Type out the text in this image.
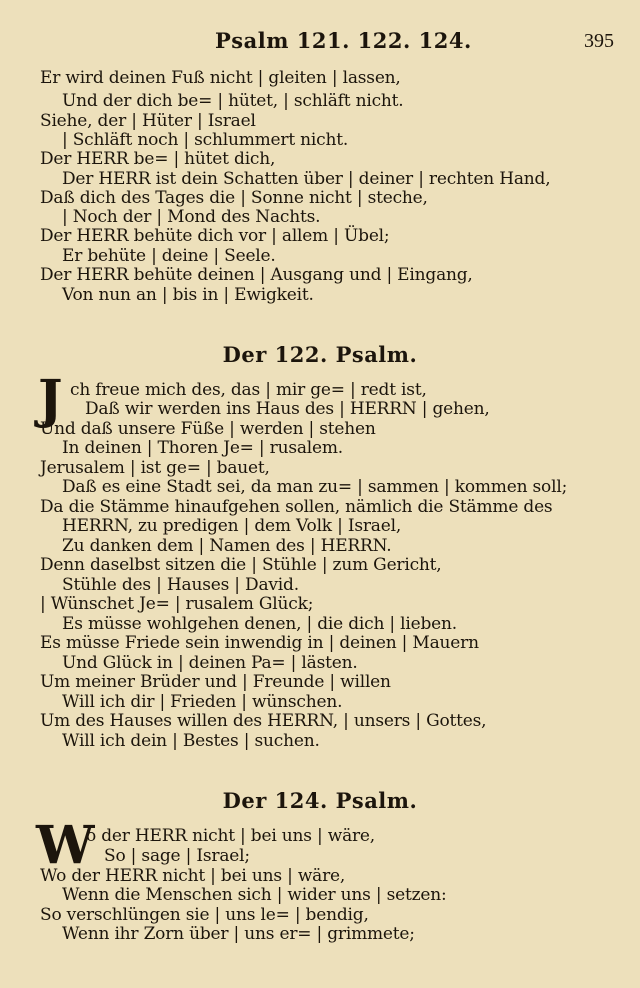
Psalm 121. 122. 124.	395
Er wird deinen Fuß nicht | gleiten | lassen,
Und der dich be= | hütet, | schläft nicht.
Siehe, der | Hüter | Israel
| Schläft noch | schlummert nicht.
Der HERR be= | hütet dich,
Der HERR ist dein Schatten über | deiner | rechten Hand,
Daß dich des Tages die | Sonne nicht | steche,
| Noch der | Mond des Nachts.
Der HERR behüte dich vor | allem | Übel;
Er behüte | deine | Seele.
Der HERR behüte deinen | Ausgang und | Eingang,
Von nun an | bis in | Ewigkeit.
Der 122. Psalm.
J ch freue mich des, das | mir ge= | redt ist,
Daß wir werden ins Haus des | HERRN | gehen,
Und daß unsere Füße | werden | stehen
In deinen | Thoren Je= | rusalem.
Jerusalem | ist ge= | bauet,
Daß es eine Stadt sei, da man zu= | sammen | kommen soll;
Da die Stämme hinaufgehen sollen, nämlich die Stämme des
HERRN, zu predigen | dem Volk | Israel,
Zu danken dem | Namen des | HERRN.
Denn daselbst sitzen die | Stühle | zum Gericht,
Stühle des | Hauses | David.
| Wünschet Je= | rusalem Glück;
Es müsse wohlgehen denen, | die dich | lieben.
Es müsse Friede sein inwendig in | deinen | Mauern
Und Glück in | deinen Pa= | lästen.
Um meiner Brüder und | Freunde | willen
Will ich dir | Frieden | wünschen.
Um des Hauses willen des HERRN, | unsers | Gottes,
Will ich dein | Bestes | suchen.
Der 124. Psalm.
W
o der HERR nicht | bei uns | wäre,
So | sage | Israel;
Wo der HERR nicht | bei uns | wäre,
Wenn die Menschen sich | wider uns | setzen:
So verschlüngen sie | uns le= | bendig,
Wenn ihr Zorn über | uns er= | grimmete;
